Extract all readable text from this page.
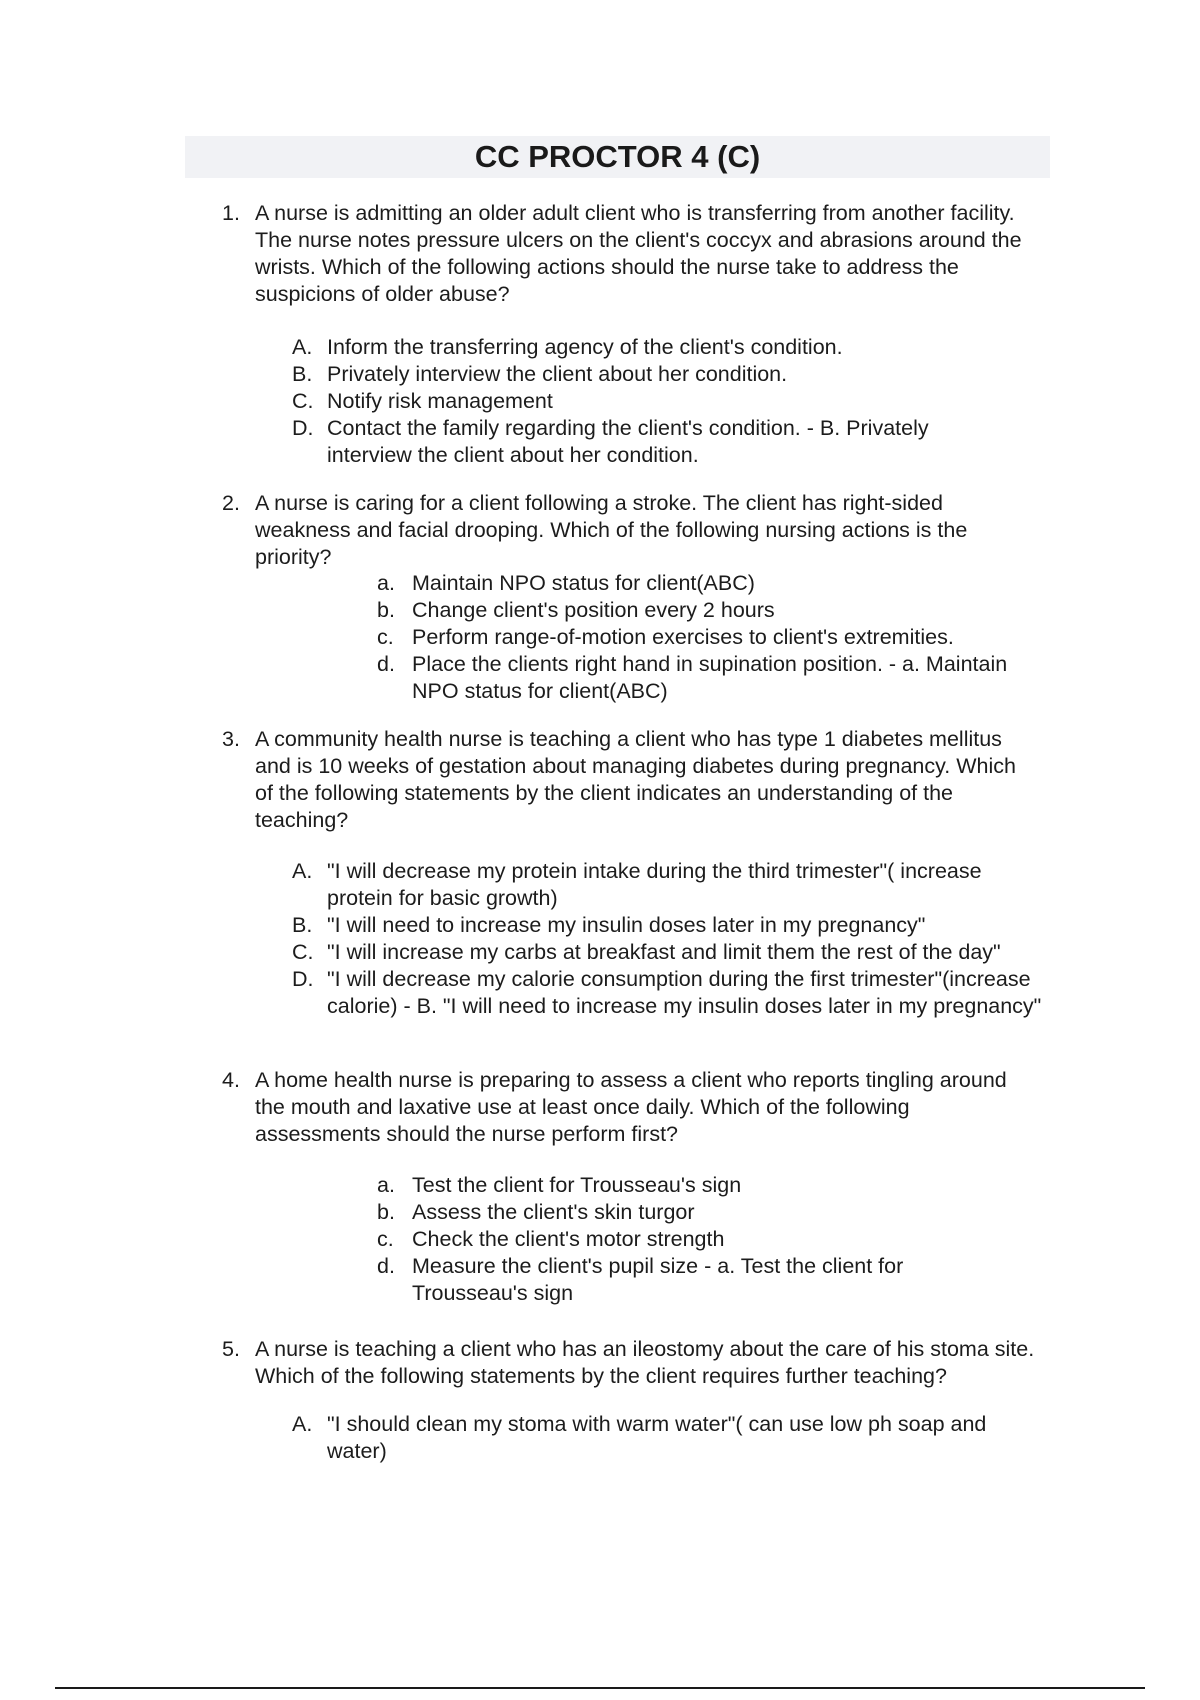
CC PROCTOR 4 (C)
1. A nurse is admitting an older adult client who is transferring from another facility. The nurse notes pressure ulcers on the client's coccyx and abrasions around the wrists. Which of the following actions should the nurse take to address the suspicions of older abuse?
A. Inform the transferring agency of the client's condition.
B. Privately interview the client about her condition.
C. Notify risk management
D. Contact the family regarding the client's condition. - B. Privately interview the client about her condition.
2. A nurse is caring for a client following a stroke. The client has right-sided weakness and facial drooping. Which of the following nursing actions is the priority?
a. Maintain NPO status for client(ABC)
b. Change client's position every 2 hours
c. Perform range-of-motion exercises to client's extremities.
d. Place the clients right hand in supination position. - a. Maintain NPO status for client(ABC)
3. A community health nurse is teaching a client who has type 1 diabetes mellitus and is 10 weeks of gestation about managing diabetes during pregnancy. Which of the following statements by the client indicates an understanding of the teaching?
A. "I will decrease my protein intake during the third trimester"( increase protein for basic growth)
B. "I will need to increase my insulin doses later in my pregnancy"
C. "I will increase my carbs at breakfast and limit them the rest of the day"
D. "I will decrease my calorie consumption during the first trimester"(increase calorie) - B. "I will need to increase my insulin doses later in my pregnancy"
4. A home health nurse is preparing to assess a client who reports tingling around the mouth and laxative use at least once daily. Which of the following assessments should the nurse perform first?
a. Test the client for Trousseau's sign
b. Assess the client's skin turgor
c. Check the client's motor strength
d. Measure the client's pupil size - a. Test the client for Trousseau's sign
5. A nurse is teaching a client who has an ileostomy about the care of his stoma site. Which of the following statements by the client requires further teaching?
A. "I should clean my stoma with warm water"( can use low ph soap and water)
